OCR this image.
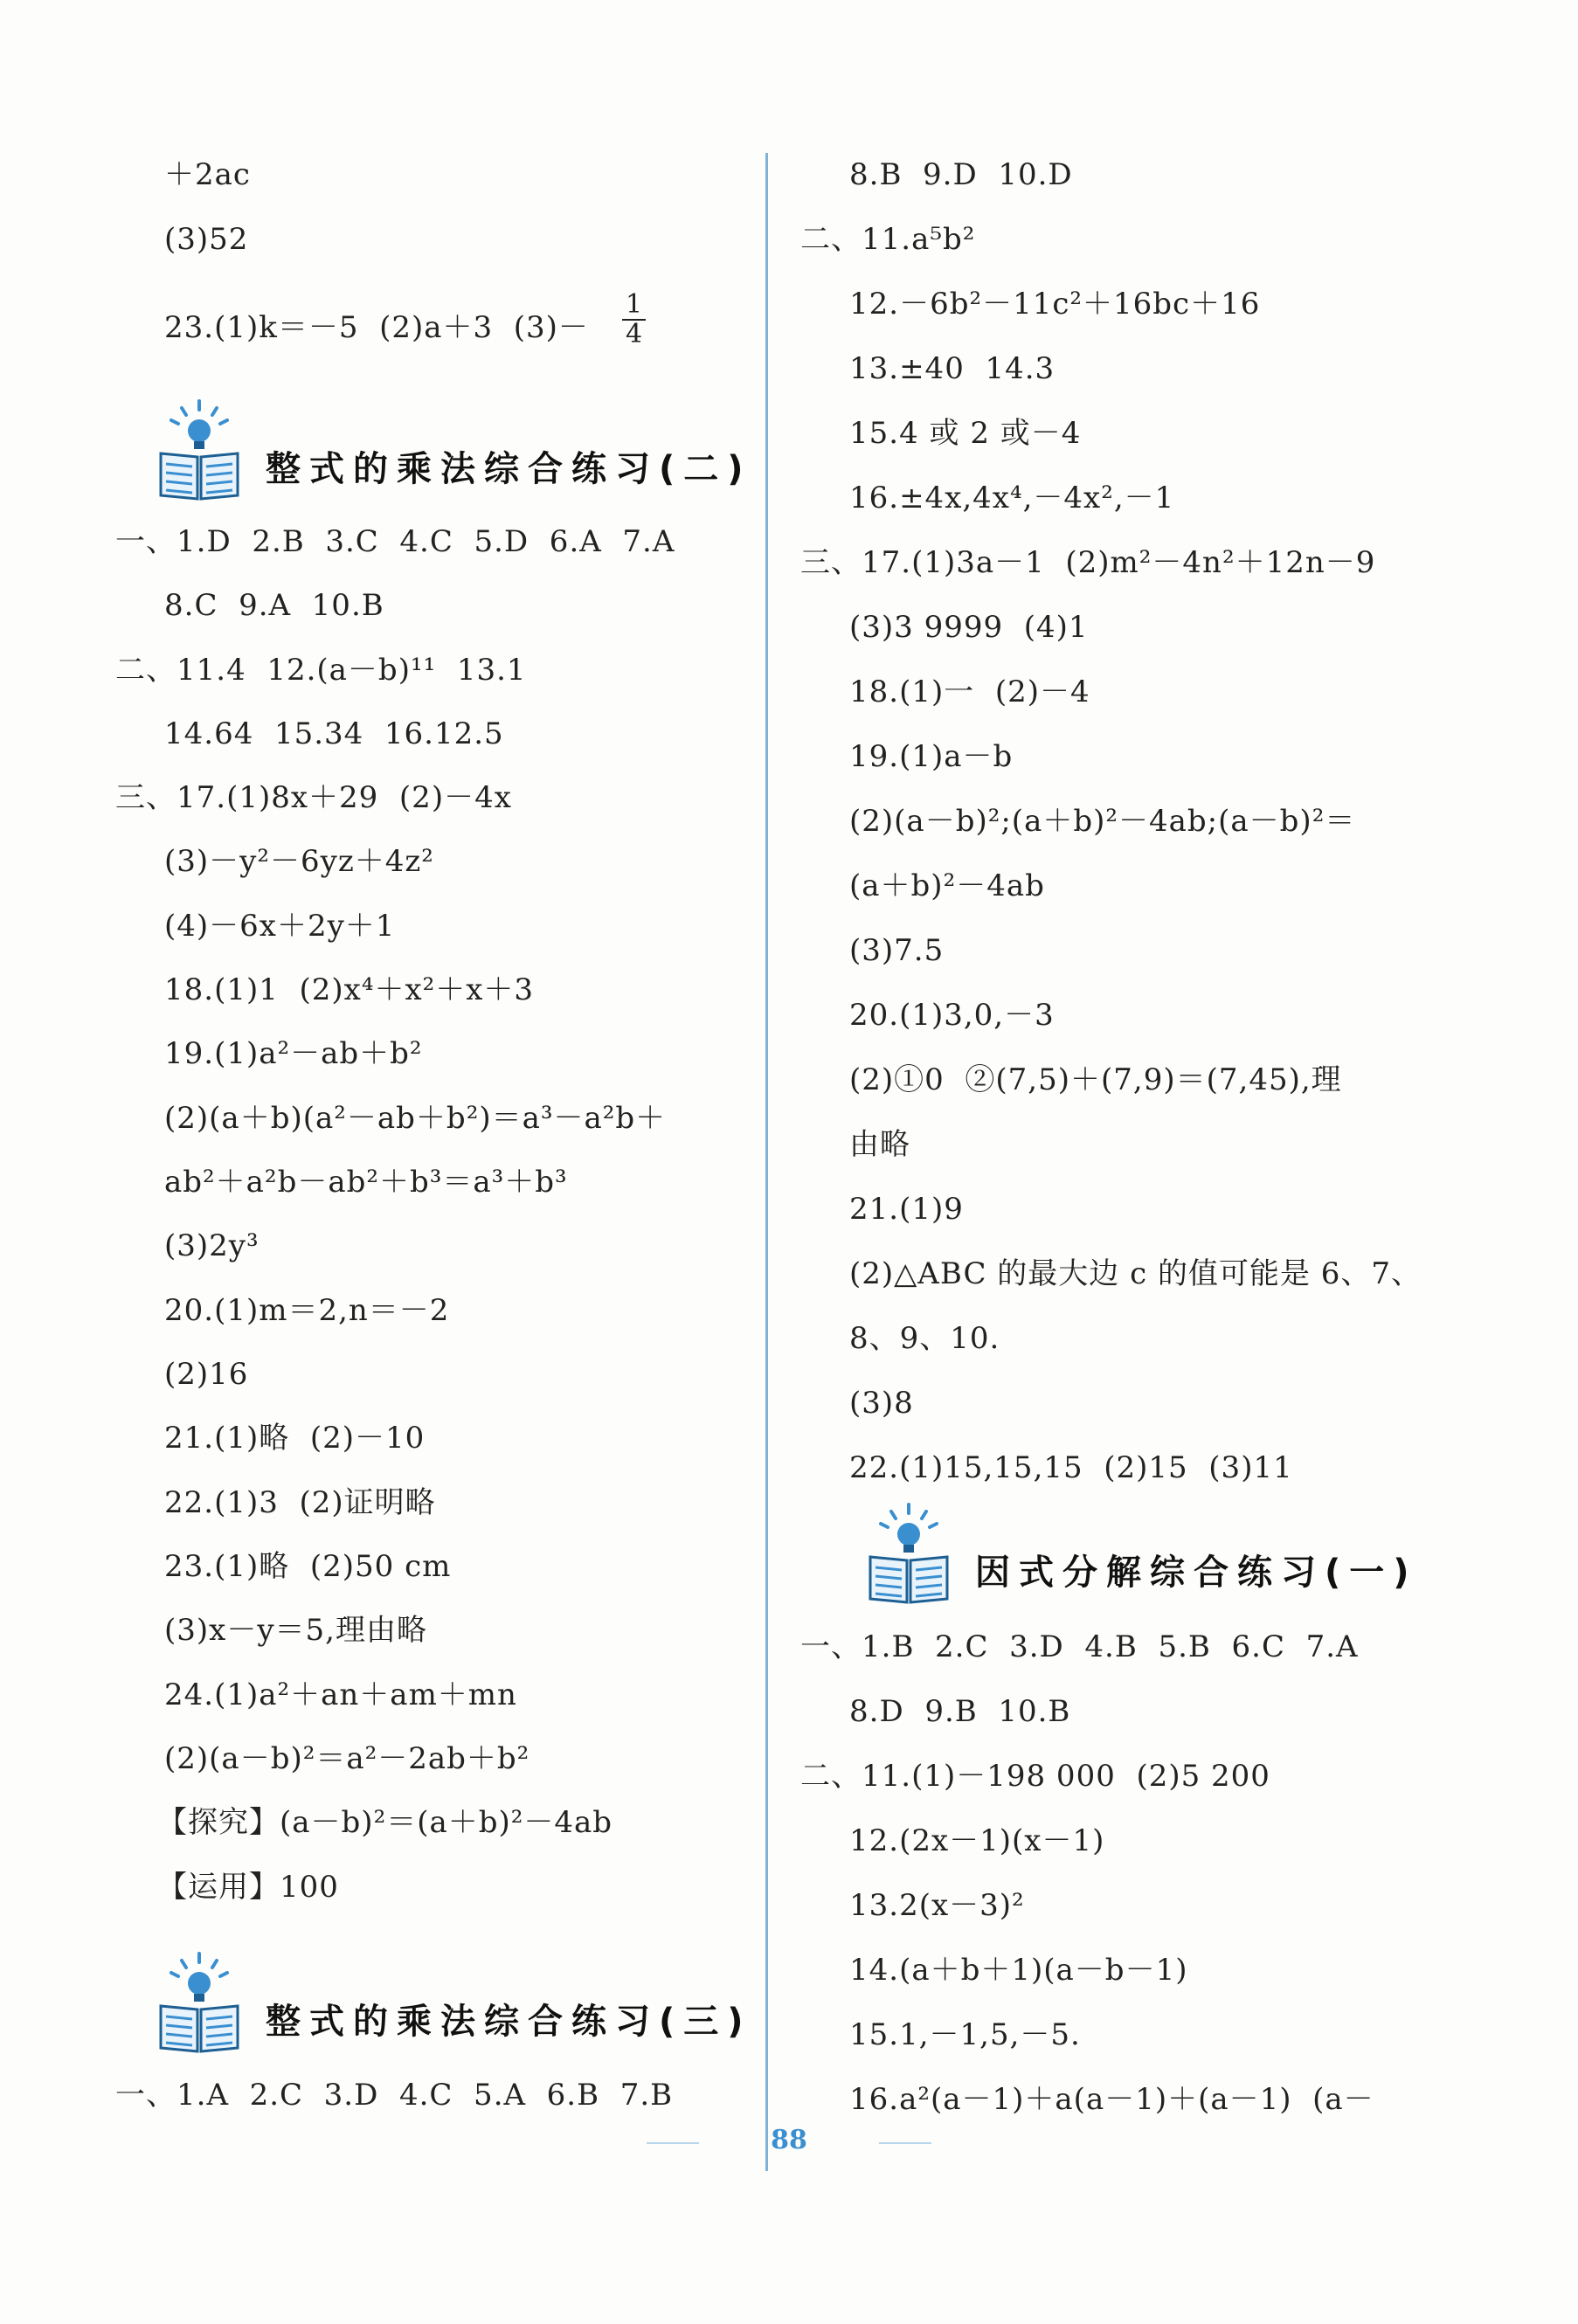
＋2ac
(3)52
23.(1)k＝－5  (2)a＋3  (3)－
一、1.D  2.B  3.C  4.C  5.D  6.A  7.A
8.C  9.A  10.B
二、11.4  12.(a－b)¹¹  13.1
14.64  15.34  16.12.5
三、17.(1)8x＋29  (2)－4x
(3)－y²－6yz＋4z²
(4)－6x＋2y＋1
18.(1)1  (2)x⁴＋x²＋x＋3
19.(1)a²－ab＋b²
(2)(a＋b)(a²－ab＋b²)＝a³－a²b＋
ab²＋a²b－ab²＋b³＝a³＋b³
(3)2y³
20.(1)m＝2,n＝－2
(2)16
21.(1)略  (2)－10
22.(1)3  (2)证明略
23.(1)略  (2)50 cm
(3)x－y＝5,理由略
24.(1)a²＋an＋am＋mn
(2)(a－b)²＝a²－2ab＋b²
【探究】(a－b)²＝(a＋b)²－4ab
【运用】100
一、1.A  2.C  3.D  4.C  5.A  6.B  7.B
8.B  9.D  10.D
二、11.a⁵b²
12.－6b²－11c²＋16bc＋16
13.±40  14.3
15.4 或 2 或－4
16.±4x,4x⁴,－4x²,－1
三、17.(1)3a－1  (2)m²－4n²＋12n－9
(3)3 9999  (4)1
18.(1)一  (2)－4
19.(1)a－b
(2)(a－b)²;(a＋b)²－4ab;(a－b)²＝
(a＋b)²－4ab
(3)7.5
20.(1)3,0,－3
(2)①0  ②(7,5)＋(7,9)＝(7,45),理
由略
21.(1)9
(2)△ABC 的最大边 c 的值可能是 6、7、
8、9、10.
(3)8
22.(1)15,15,15  (2)15  (3)11
一、1.B  2.C  3.D  4.B  5.B  6.C  7.A
8.D  9.B  10.B
二、11.(1)－198 000  (2)5 200
12.(2x－1)(x－1)
13.2(x－3)²
14.(a＋b＋1)(a－b－1)
15.1,－1,5,－5.
16.a²(a－1)＋a(a－1)＋(a－1)  (a－
整式的乘法综合练习(二)
因式分解综合练习(一)
整式的乘法综合练习(三)
$\frac{1}{4}$
88
